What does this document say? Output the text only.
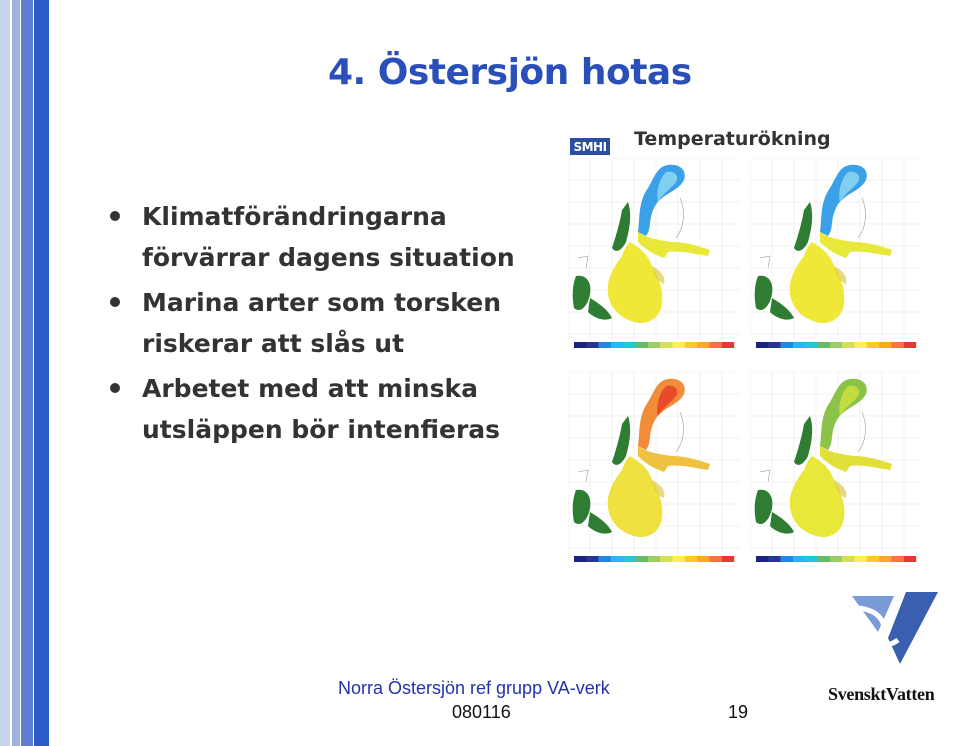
4. Östersjön hotas
Klimatförändringarna förvärrar dagens situation
Marina arter som torsken riskerar att slås ut
Arbetet med att minska utsläppen bör intenfieras
SMHI Temperaturökning
Norra Östersjön ref grupp VA-verk
080116	19
SvensktVatten
